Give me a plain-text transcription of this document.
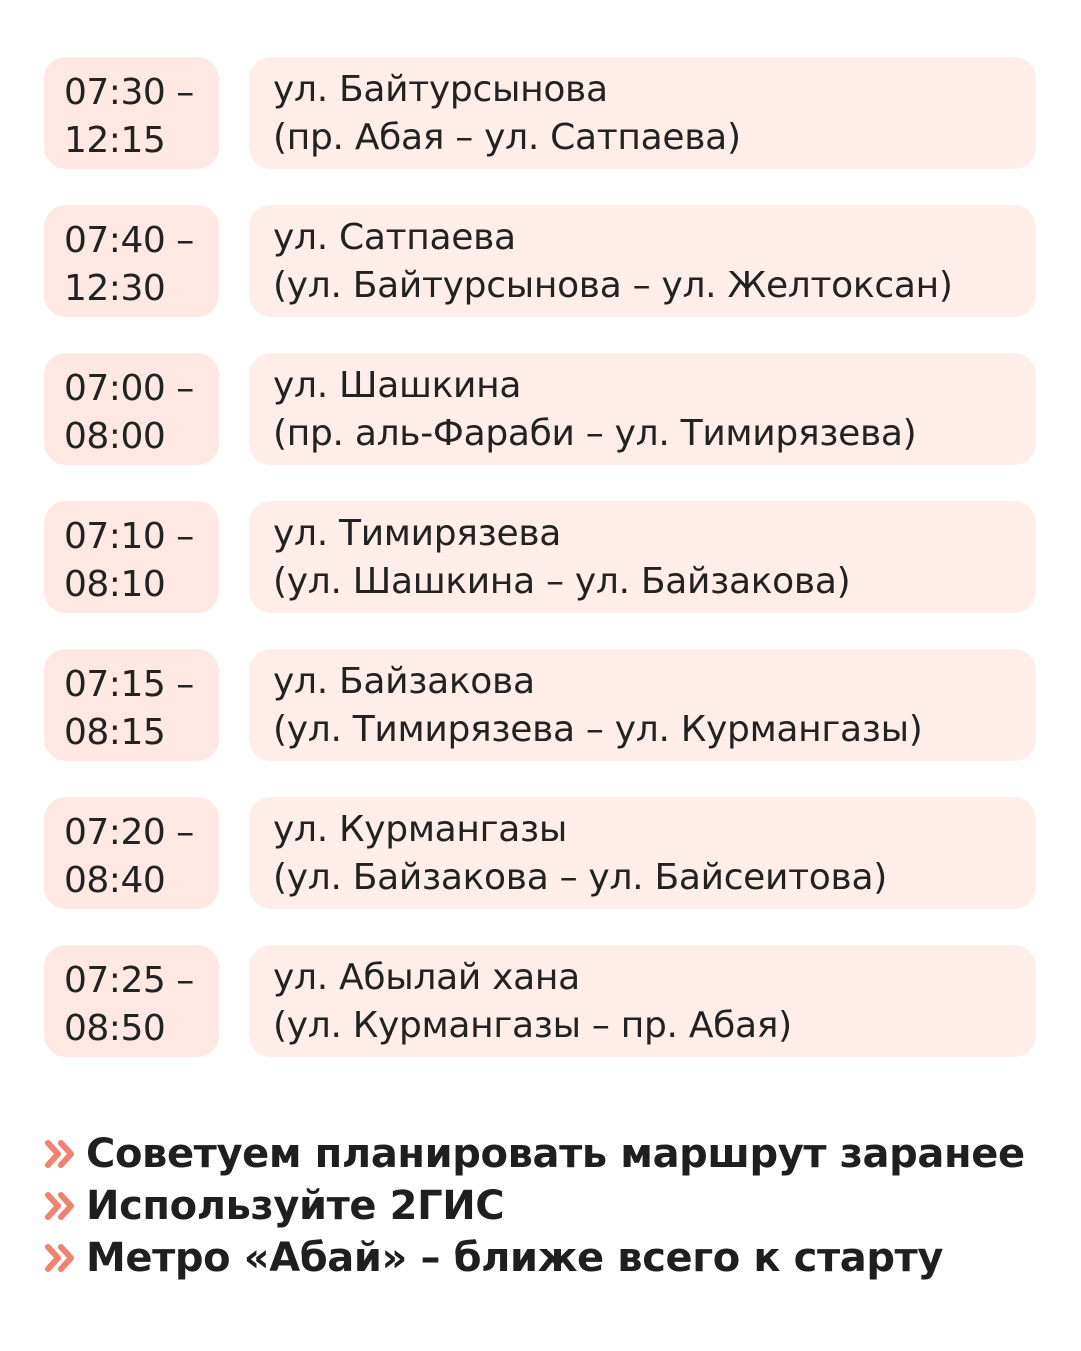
07:30 –
12:15
ул. Байтурсынова
(пр. Абая – ул. Сатпаева)
07:40 –
12:30
ул. Сатпаева
(ул. Байтурсынова – ул. Желтоксан)
07:00 –
08:00
ул. Шашкина
(пр. аль-Фараби – ул. Тимирязева)
07:10 –
08:10
ул. Тимирязева
(ул. Шашкина – ул. Байзакова)
07:15 –
08:15
ул. Байзакова
(ул. Тимирязева – ул. Курмангазы)
07:20 –
08:40
ул. Курмангазы
(ул. Байзакова – ул. Байсеитова)
07:25 –
08:50
ул. Абылай хана
(ул. Курмангазы – пр. Абая)
Советуем планировать маршрут заранее
Используйте 2ГИС
Метро «Абай» – ближе всего к старту
